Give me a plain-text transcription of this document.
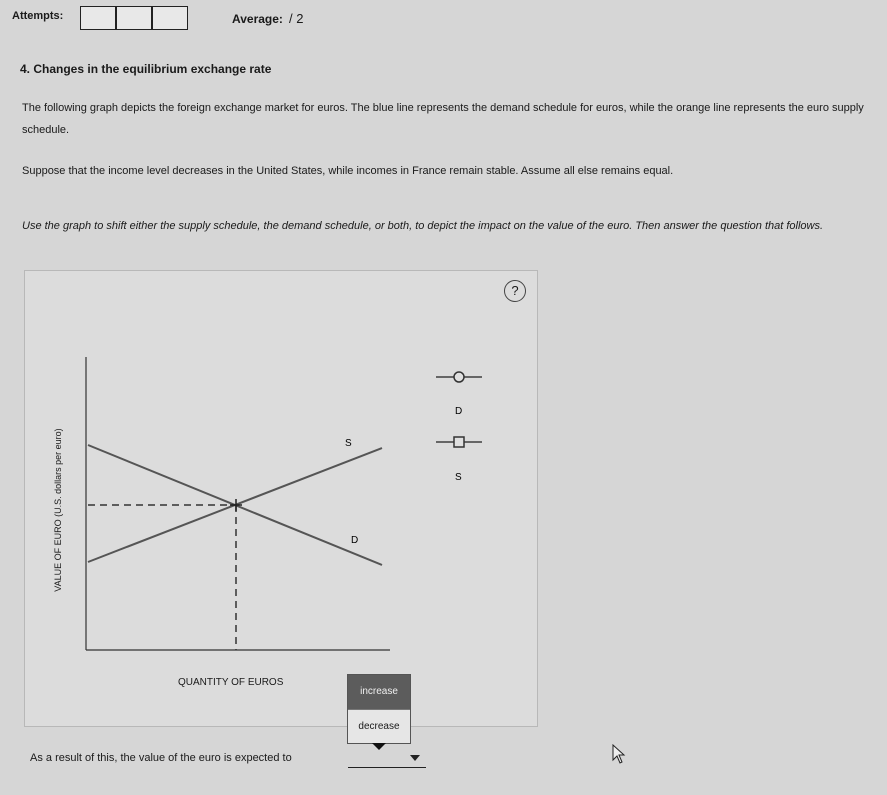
Attempts:	Average: / 2
4. Changes in the equilibrium exchange rate
The following graph depicts the foreign exchange market for euros. The blue line represents the demand schedule for euros, while the orange line represents the euro supply schedule.
Suppose that the income level decreases in the United States, while incomes in France remain stable. Assume all else remains equal.
Use the graph to shift either the supply schedule, the demand schedule, or both, to depict the impact on the value of the euro. Then answer the question that follows.
?
S
D
D
S
VALUE OF EURO (U.S. dollars per euro)
QUANTITY OF EUROS
increase
decrease
As a result of this, the value of the euro is expected to
